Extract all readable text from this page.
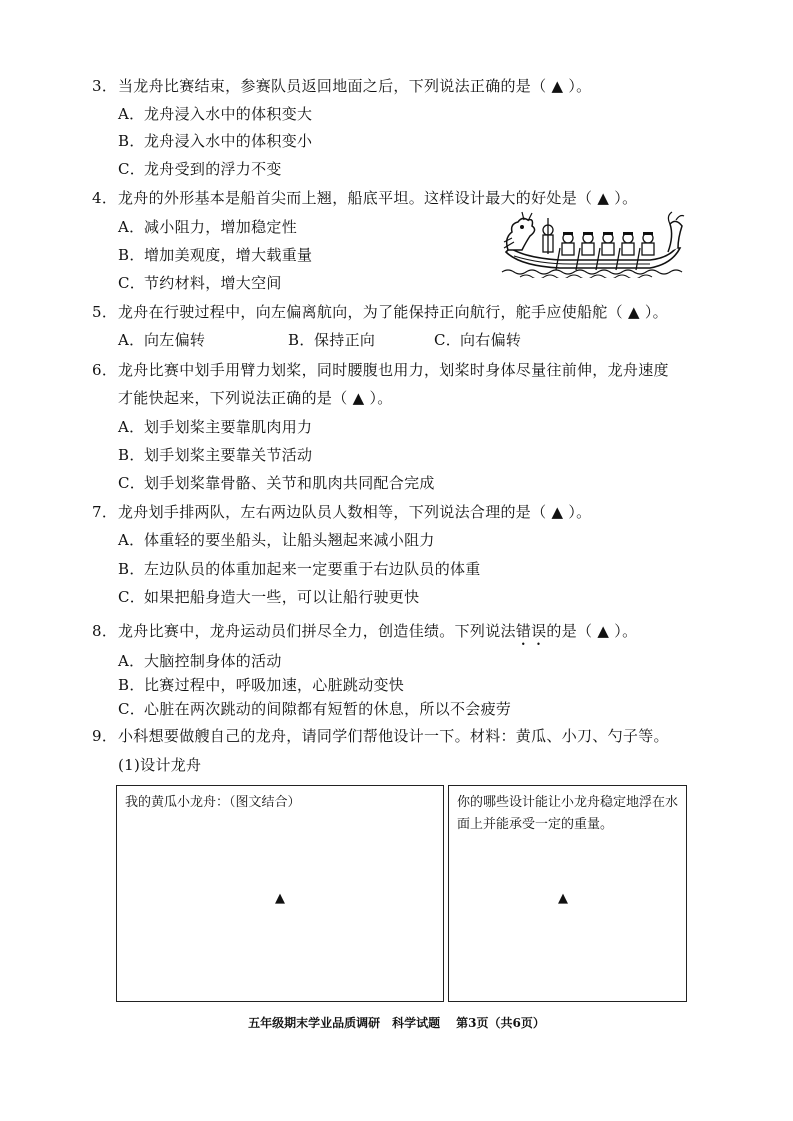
3．当龙舟比赛结束，参赛队员返回地面之后，下列说法正确的是（ ▲ ）。
A．龙舟浸入水中的体积变大
B．龙舟浸入水中的体积变小
C．龙舟受到的浮力不变
4．龙舟的外形基本是船首尖而上翘，船底平坦。这样设计最大的好处是（ ▲ ）。
A．减小阻力，增加稳定性
B．增加美观度，增大载重量
C．节约材料，增大空间
5．龙舟在行驶过程中，向左偏离航向，为了能保持正向航行，舵手应使船舵（ ▲ ）。
A．向左偏转	B．保持正向	C．向右偏转
6．龙舟比赛中划手用臂力划桨，同时腰腹也用力，划桨时身体尽量往前伸，龙舟速度
才能快起来，下列说法正确的是（ ▲ ）。
A．划手划桨主要靠肌肉用力
B．划手划桨主要靠关节活动
C．划手划桨靠骨骼、关节和肌肉共同配合完成
7．龙舟划手排两队，左右两边队员人数相等，下列说法合理的是（ ▲ ）。
A．体重轻的要坐船头，让船头翘起来减小阻力
B．左边队员的体重加起来一定要重于右边队员的体重
C．如果把船身造大一些，可以让船行驶更快
8．龙舟比赛中，龙舟运动员们拼尽全力，创造佳绩。下列说法错误的是（ ▲ ）。
A．大脑控制身体的活动
B．比赛过程中，呼吸加速，心脏跳动变快
C．心脏在两次跳动的间隙都有短暂的休息，所以不会疲劳
9．小科想要做艘自己的龙舟，请同学们帮他设计一下。材料：黄瓜、小刀、勺子等。
(1)设计龙舟
我的黄瓜小龙舟：（图文结合）
▲
你的哪些设计能让小龙舟稳定地浮在水面上并能承受一定的重量。
▲
五年级期末学业品质调研　科学试题 第3页（共6页）
